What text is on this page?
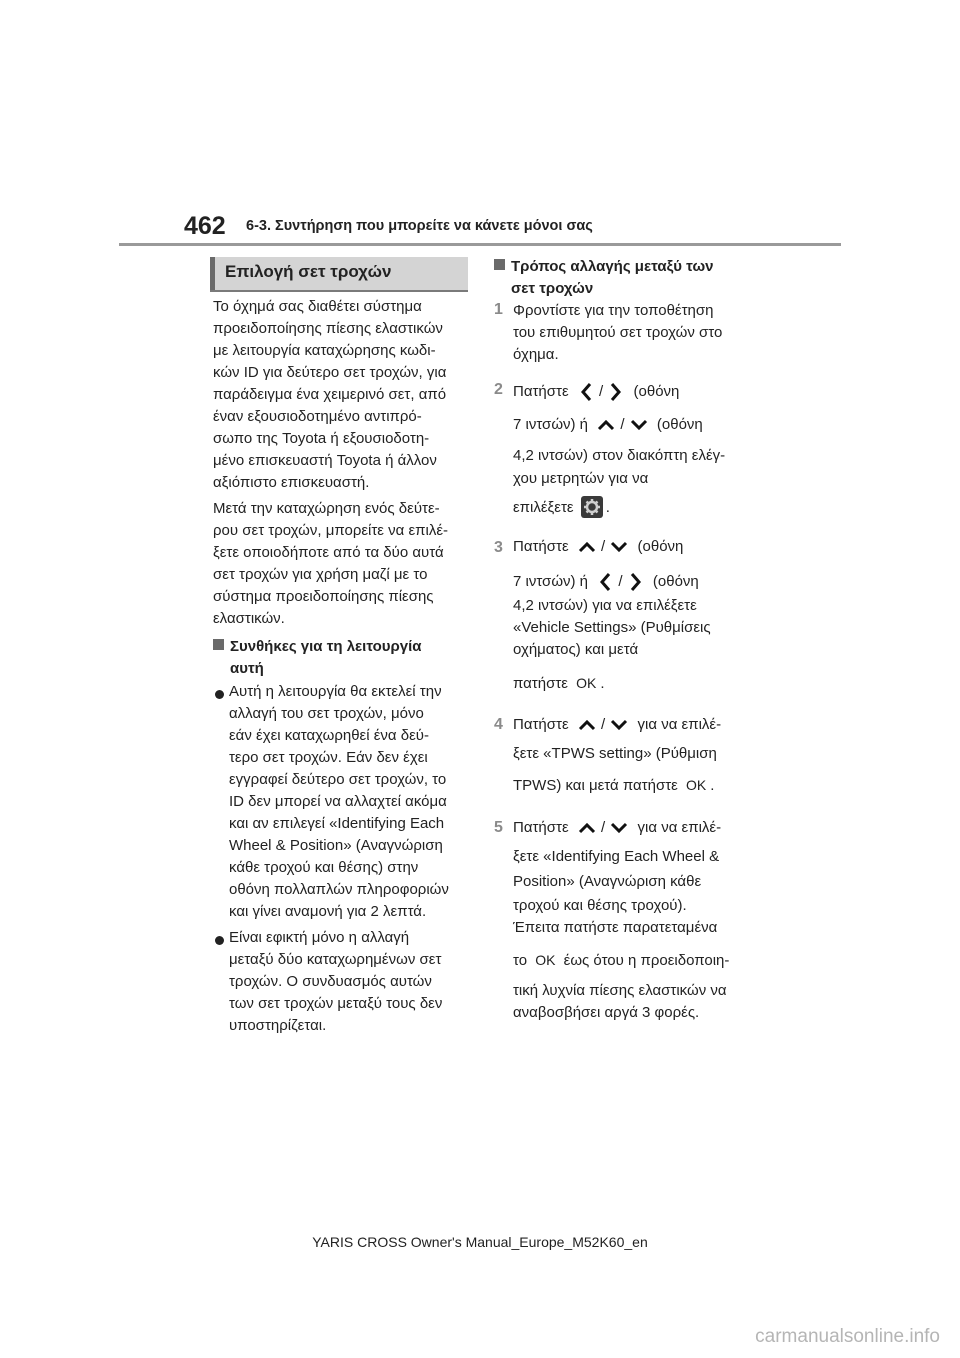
462 6-3. Συντήρηση που μπορείτε να κάνετε μόνοι σας
Επιλογή σετ τροχών
Το όχημά σας διαθέτει σύστημα
προειδοποίησης πίεσης ελαστικών
με λειτουργία καταχώρησης κωδι-
κών ID για δεύτερο σετ τροχών, για
παράδειγμα ένα χειμερινό σετ, από
έναν εξουσιοδοτημένο αντιπρό-
σωπο της Toyota ή εξουσιοδοτη-
μένο επισκευαστή Toyota ή άλλον
αξιόπιστο επισκευαστή.
Μετά την καταχώρηση ενός δεύτε-
ρου σετ τροχών, μπορείτε να επιλέ-
ξετε οποιοδήποτε από τα δύο αυτά
σετ τροχών για χρήση μαζί με το
σύστημα προειδοποίησης πίεσης
ελαστικών.
Συνθήκες για τη λειτουργία
αυτή
Αυτή η λειτουργία θα εκτελεί την
αλλαγή του σετ τροχών, μόνο
εάν έχει καταχωρηθεί ένα δεύ-
τερο σετ τροχών. Εάν δεν έχει
εγγραφεί δεύτερο σετ τροχών, το
ID δεν μπορεί να αλλαχτεί ακόμα
και αν επιλεγεί «Identifying Each
Wheel & Position» (Αναγνώριση
κάθε τροχού και θέσης) στην
οθόνη πολλαπλών πληροφοριών
και γίνει αναμονή για 2 λεπτά.
Είναι εφικτή μόνο η αλλαγή
μεταξύ δύο καταχωρημένων σετ
τροχών. Ο συνδυασμός αυτών
των σετ τροχών μεταξύ τους δεν
υποστηρίζεται.
Τρόπος αλλαγής μεταξύ των
σετ τροχών
1 Φροντίστε για την τοποθέτηση
του επιθυμητού σετ τροχών στο
όχημα.
2 Πατήστε / (οθόνη
7 ιντσών) ή / (οθόνη
4,2 ιντσών) στον διακόπτη ελέγ-
χου μετρητών για να
επιλέξετε .
3 Πατήστε / (οθόνη
7 ιντσών) ή / (οθόνη
4,2 ιντσών) για να επιλέξετε
«Vehicle Settings» (Ρυθμίσεις
οχήματος) και μετά
πατήστε OK .
4 Πατήστε / για να επιλέ-
ξετε «TPWS setting» (Ρύθμιση
TPWS) και μετά πατήστε OK .
5 Πατήστε / για να επιλέ-
ξετε «Identifying Each Wheel &
Position» (Αναγνώριση κάθε
τροχού και θέσης τροχού).
Έπειτα πατήστε παρατεταμένα
το OK έως ότου η προειδοποιη-
τική λυχνία πίεσης ελαστικών να
αναβοσβήσει αργά 3 φορές.
YARIS CROSS Owner's Manual_Europe_M52K60_en
carmanualsonline.info
